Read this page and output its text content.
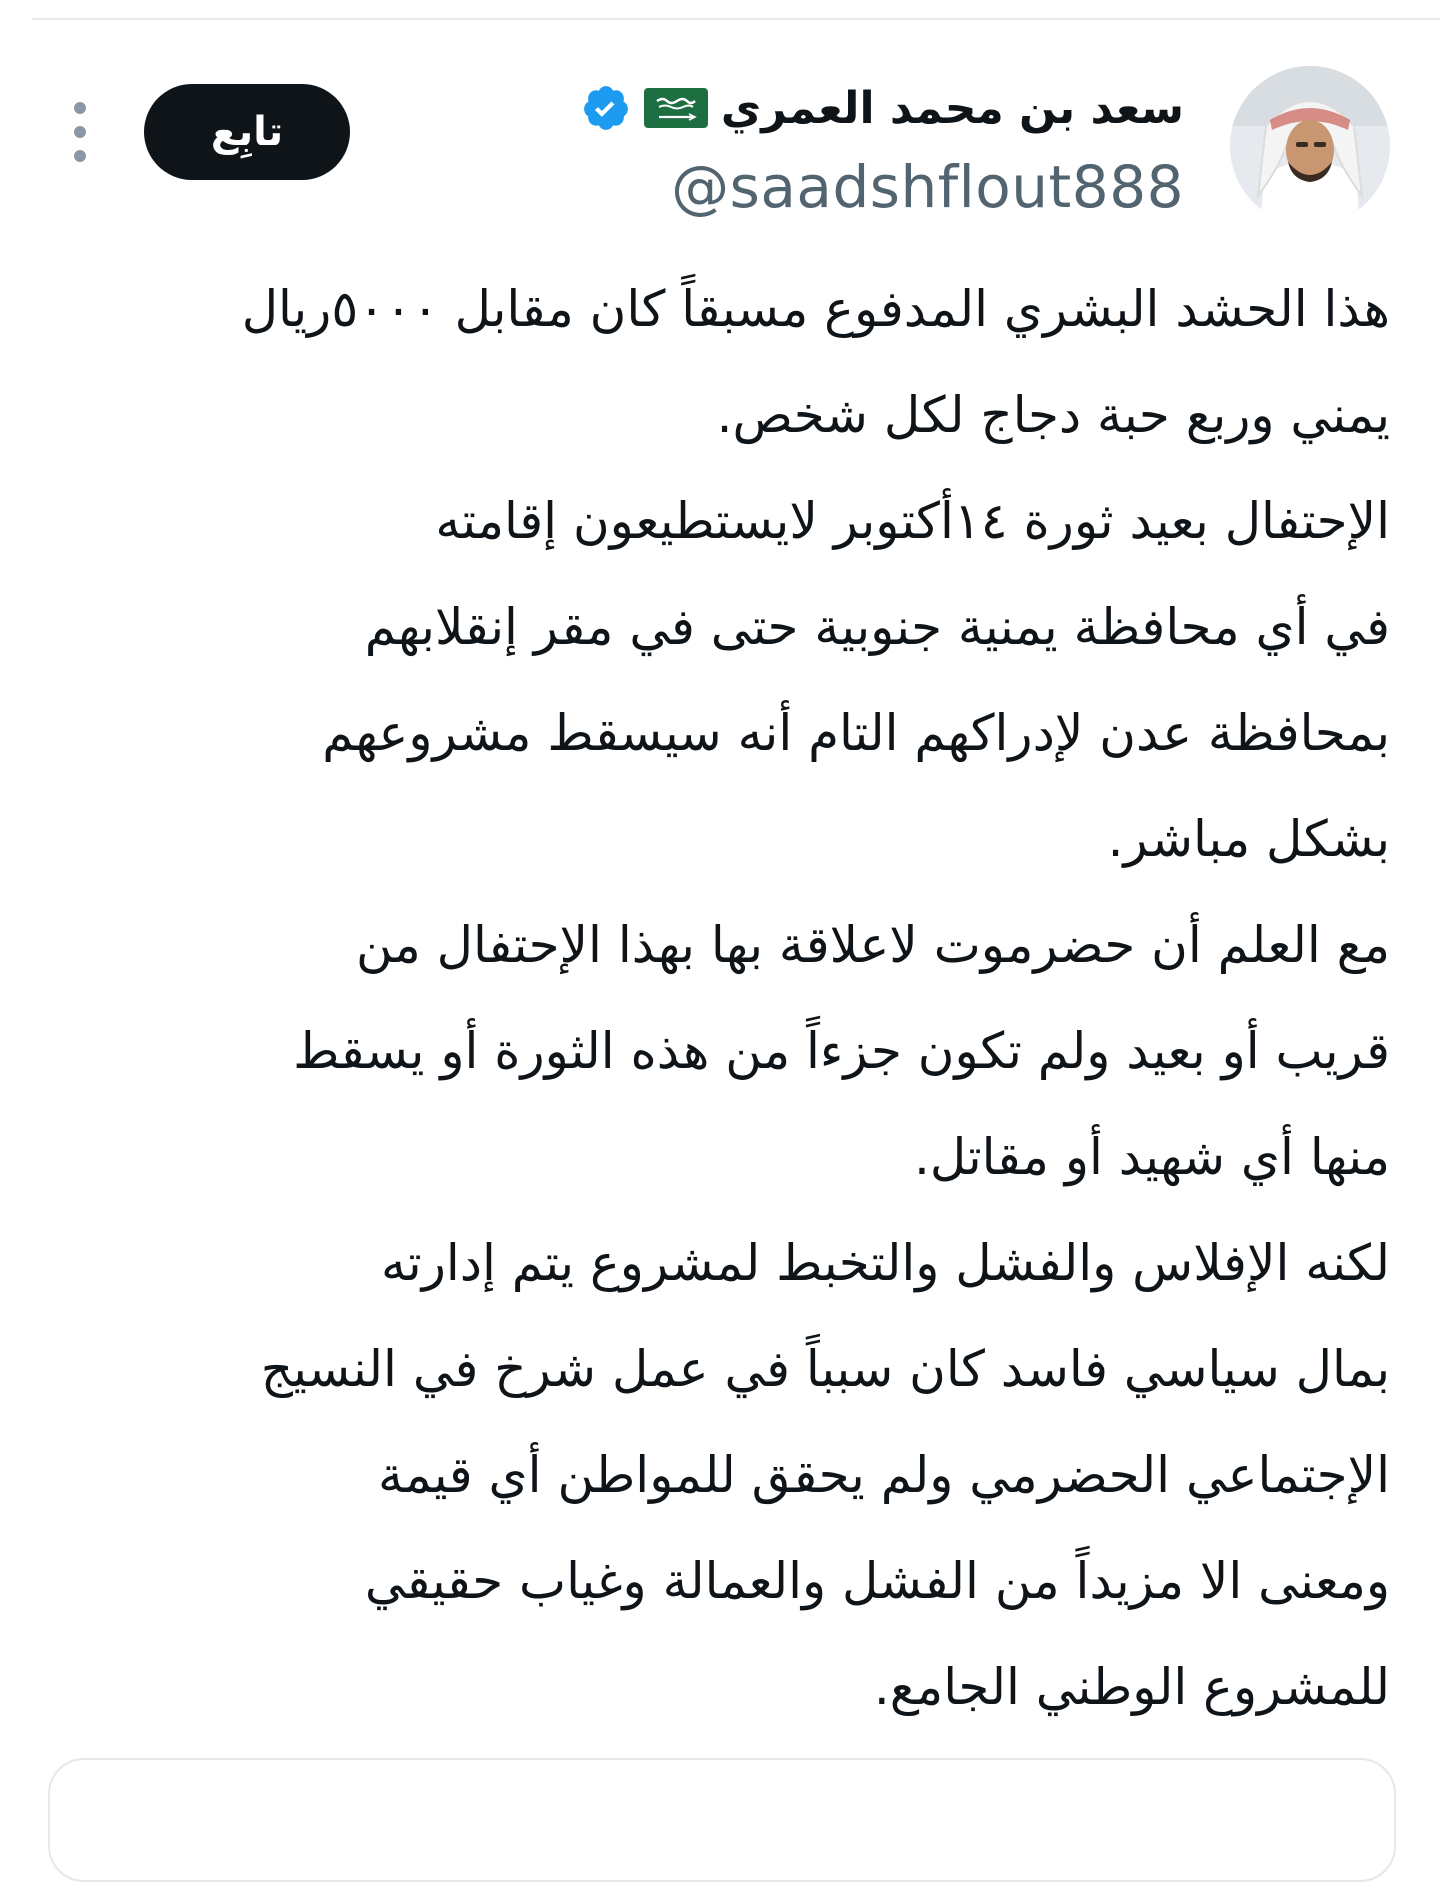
سعد بن محمد العمري
@saadshflout888
تابِع
هذا الحشد البشري المدفوع مسبقاً كان مقابل ٥٠٠٠ريال
يمني وربع حبة دجاج لكل شخص.
الإحتفال بعيد ثورة ١٤أكتوبر لايستطيعون إقامته
في أي محافظة يمنية جنوبية حتى في مقر إنقلابهم
بمحافظة عدن لإدراكهم التام أنه سيسقط مشروعهم
بشكل مباشر.
مع العلم أن حضرموت لاعلاقة بها بهذا الإحتفال من
قريب أو بعيد ولم تكون جزءاً من هذه الثورة أو يسقط
منها أي شهيد أو مقاتل.
لكنه الإفلاس والفشل والتخبط لمشروع يتم إدارته
بمال سياسي فاسد كان سبباً في عمل شرخ في النسيج
الإجتماعي الحضرمي ولم يحقق للمواطن أي قيمة
ومعنى الا مزيداً من الفشل والعمالة وغياب حقيقي
للمشروع الوطني الجامع.
